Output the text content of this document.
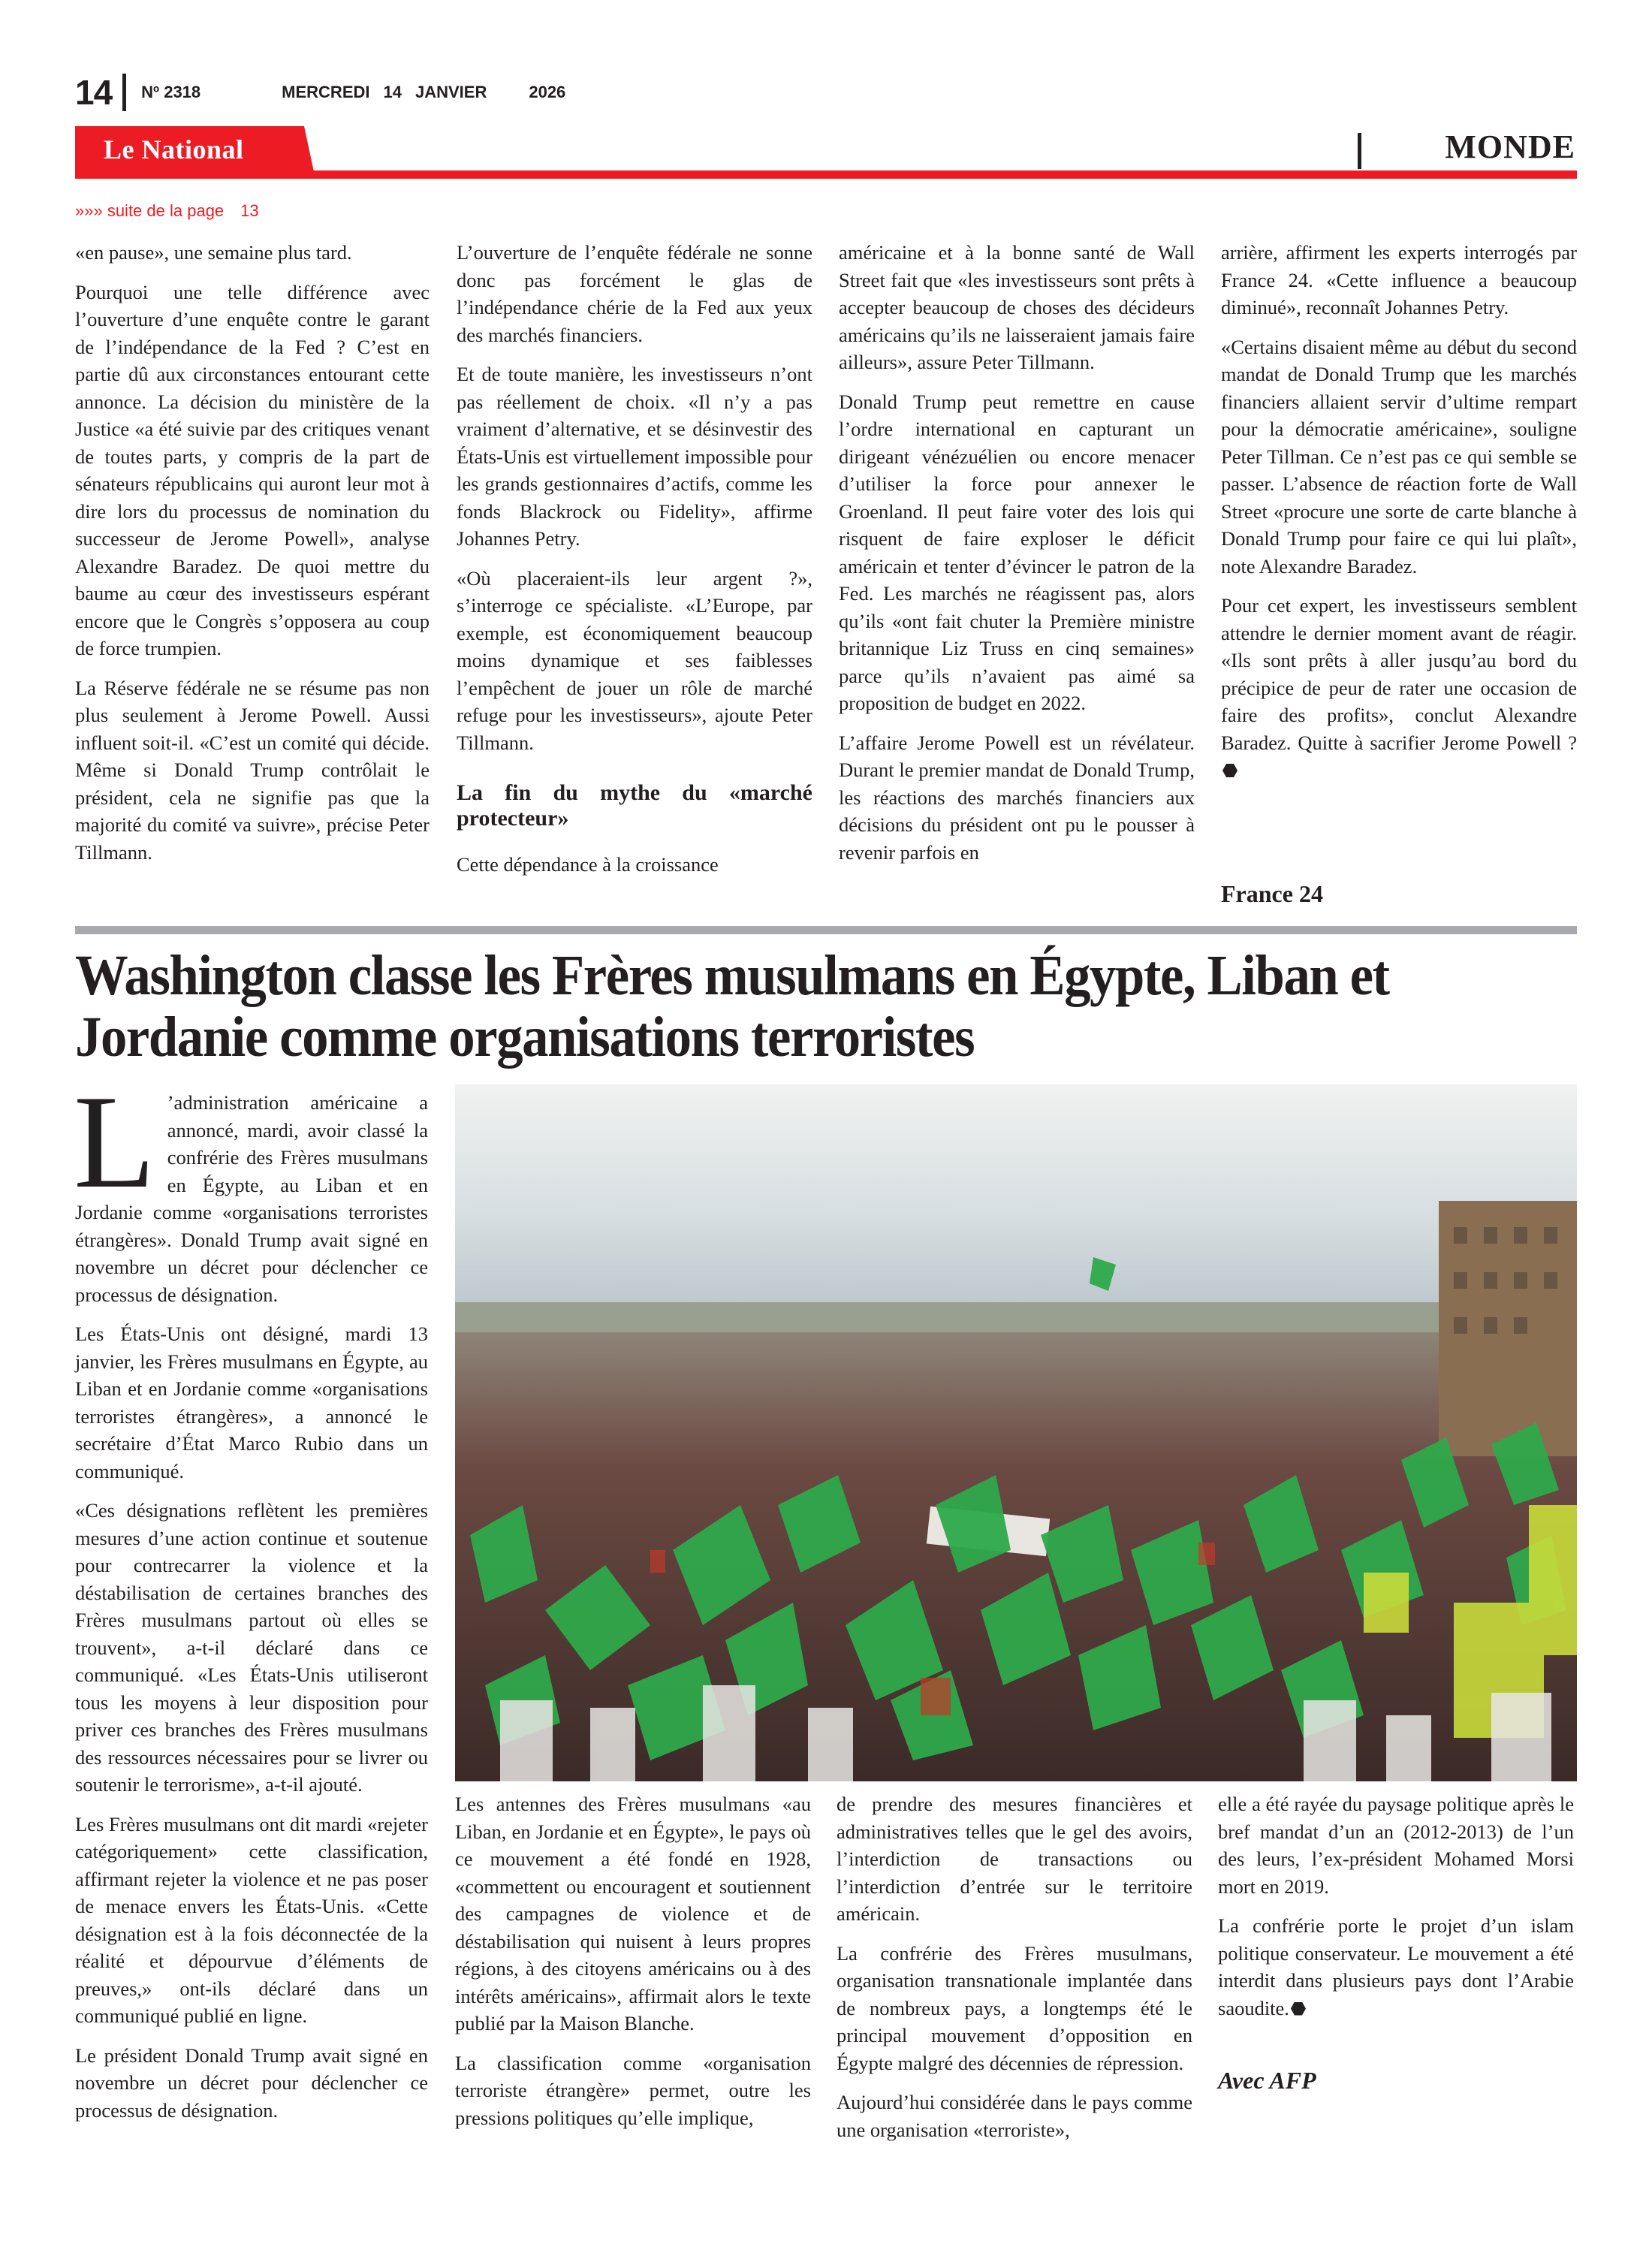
14 Nº 2318	MERCREDI 14 JANVIER	2026
Le National	MONDE
»»» suite de la page 13

«en pause», une semaine plus tard.

Pourquoi une telle différence avec l’ouverture d’une enquête contre le garant de l’indépendance de la Fed ? C’est en partie dû aux circonstances entourant cette annonce. La décision du ministère de la Justice «a été suivie par des critiques venant de toutes parts, y compris de la part de sénateurs républicains qui auront leur mot à dire lors du processus de nomination du successeur de Jerome Powell», analyse Alexandre Baradez. De quoi mettre du baume au cœur des investisseurs espérant encore que le Congrès s’opposera au coup de force trumpien.

La Réserve fédérale ne se résume pas non plus seulement à Jerome Powell. Aussi influent soit-il. «C’est un comité qui décide. Même si Donald Trump contrôlait le président, cela ne signifie pas que la majorité du comité va suivre», précise Peter Tillmann.

L’ouverture de l’enquête fédérale ne sonne donc pas forcément le glas de l’indépendance chérie de la Fed aux yeux des marchés financiers.

Et de toute manière, les investisseurs n’ont pas réellement de choix. «Il n’y a pas vraiment d’alternative, et se désinvestir des États-Unis est virtuellement impossible pour les grands gestionnaires d’actifs, comme les fonds Blackrock ou Fidelity», affirme Johannes Petry.

«Où placeraient-ils leur argent ?», s’interroge ce spécialiste. «L’Europe, par exemple, est économiquement beaucoup moins dynamique et ses faiblesses l’empêchent de jouer un rôle de marché refuge pour les investisseurs», ajoute Peter Tillmann.

La fin du mythe du «marché protecteur»

Cette dépendance à la croissance

américaine et à la bonne santé de Wall Street fait que «les investisseurs sont prêts à accepter beaucoup de choses des décideurs américains qu’ils ne laisseraient jamais faire ailleurs», assure Peter Tillmann.

Donald Trump peut remettre en cause l’ordre international en capturant un dirigeant vénézuélien ou encore menacer d’utiliser la force pour annexer le Groenland. Il peut faire voter des lois qui risquent de faire exploser le déficit américain et tenter d’évincer le patron de la Fed. Les marchés ne réagissent pas, alors qu’ils «ont fait chuter la Première ministre britannique Liz Truss en cinq semaines» parce qu’ils n’avaient pas aimé sa proposition de budget en 2022.

L’affaire Jerome Powell est un révélateur. Durant le premier mandat de Donald Trump, les réactions des marchés financiers aux décisions du président ont pu le pousser à revenir parfois en

arrière, affirment les experts interrogés par France 24. «Cette influence a beaucoup diminué», reconnaît Johannes Petry.

«Certains disaient même au début du second mandat de Donald Trump que les marchés financiers allaient servir d’ultime rempart pour la démocratie américaine», souligne Peter Tillman. Ce n’est pas ce qui semble se passer. L’absence de réaction forte de Wall Street «procure une sorte de carte blanche à Donald Trump pour faire ce qui lui plaît», note Alexandre Baradez.

Pour cet expert, les investisseurs semblent attendre le dernier moment avant de réagir. «Ils sont prêts à aller jusqu’au bord du précipice de peur de rater une occasion de faire des profits», conclut Alexandre Baradez. Quitte à sacrifier Jerome Powell ?

France 24
Washington classe les Frères musulmans en Égypte, Liban et Jordanie comme organisations terroristes

L ’administration américaine a annoncé, mardi, avoir classé la confrérie des Frères musulmans en Égypte, au Liban et en Jordanie comme «organisations terroristes étrangères». Donald Trump avait signé en novembre un décret pour déclencher ce processus de désignation.

Les États-Unis ont désigné, mardi 13 janvier, les Frères musulmans en Égypte, au Liban et en Jordanie comme «organisations terroristes étrangères», a annoncé le secrétaire d’État Marco Rubio dans un communiqué.

«Ces désignations reflètent les premières mesures d’une action continue et soutenue pour contrecarrer la violence et la déstabilisation de certaines branches des Frères musulmans partout où elles se trouvent», a-t-il déclaré dans ce communiqué. «Les États-Unis utiliseront tous les moyens à leur disposition pour priver ces branches des Frères musulmans des ressources nécessaires pour se livrer ou soutenir le terrorisme», a-t-il ajouté.

Les Frères musulmans ont dit mardi «rejeter catégoriquement» cette classification, affirmant rejeter la violence et ne pas poser de menace envers les États-Unis. «Cette désignation est à la fois déconnectée de la réalité et dépourvue d’éléments de preuves,» ont-ils déclaré dans un communiqué publié en ligne.

Le président Donald Trump avait signé en novembre un décret pour déclencher ce processus de désignation.

Les antennes des Frères musulmans «au Liban, en Jordanie et en Égypte», le pays où ce mouvement a été fondé en 1928, «commettent ou encouragent et soutiennent des campagnes de violence et de déstabilisation qui nuisent à leurs propres régions, à des citoyens américains ou à des intérêts américains», affirmait alors le texte publié par la Maison Blanche.

La classification comme «organisation terroriste étrangère» permet, outre les pressions politiques qu’elle implique,

de prendre des mesures financières et administratives telles que le gel des avoirs, l’interdiction de transactions ou l’interdiction d’entrée sur le territoire américain.

La confrérie des Frères musulmans, organisation transnationale implantée dans de nombreux pays, a longtemps été le principal mouvement d’opposition en Égypte malgré des décennies de répression.

Aujourd’hui considérée dans le pays comme une organisation «terroriste»,

elle a été rayée du paysage politique après le bref mandat d’un an (2012-2013) de l’un des leurs, l’ex-président Mohamed Morsi mort en 2019.

La confrérie porte le projet d’un islam politique conservateur. Le mouvement a été interdit dans plusieurs pays dont l’Arabie saoudite.

Avec AFP
